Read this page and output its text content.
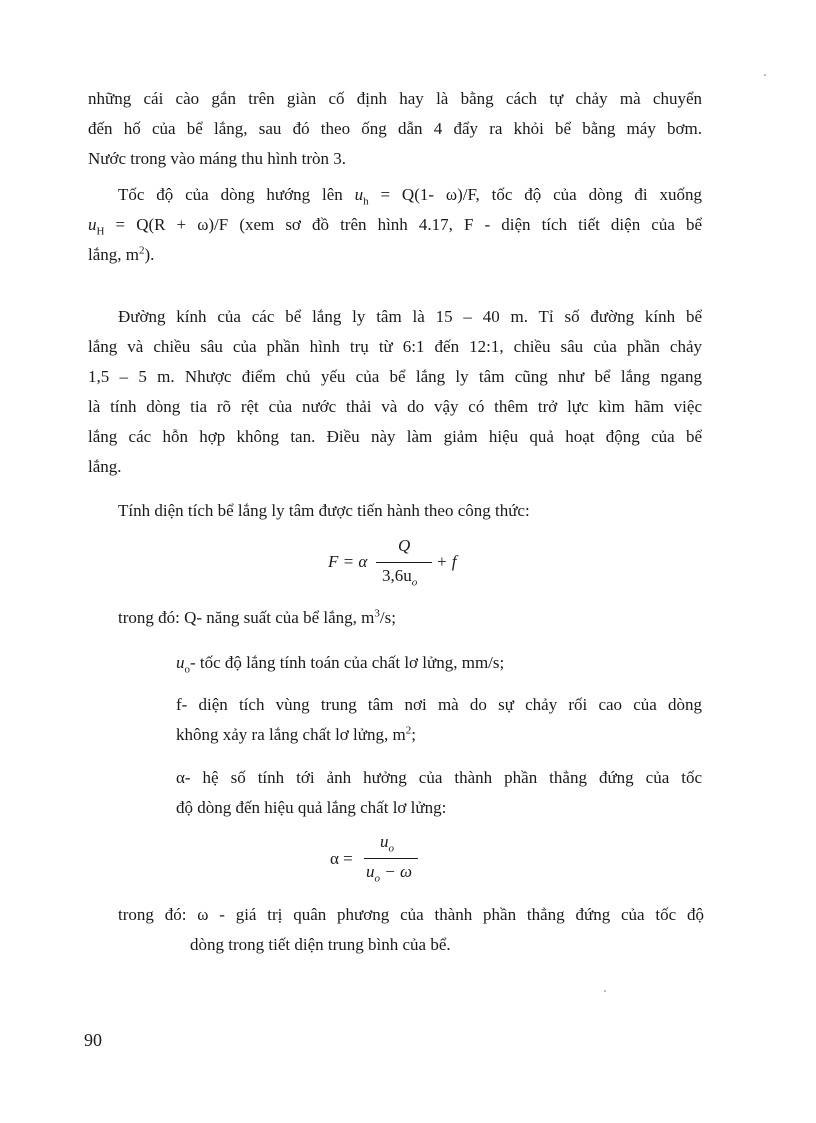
những cái cào gắn trên giàn cố định hay là bằng cách tự chảy mà chuyển
đến hố của bể lắng, sau đó theo ống dẫn 4 đẩy ra khỏi bể bằng máy bơm.
Nước trong vào máng thu hình tròn 3.
Tốc độ của dòng hướng lên $u_h = Q(1-$ ω)/F, tốc độ của dòng đi xuống
$u_H = Q(R + \omega)/F$ (xem sơ đồ trên hình 4.17, F - diện tích tiết diện của bể
lắng, $m^2$).
Đường kính của các bể lắng ly tâm là 15 – 40 m. Tỉ số đường kính bể
lắng và chiều sâu của phần hình trụ từ 6:1 đến 12:1, chiều sâu của phần chảy
1,5 – 5 m. Nhược điểm chủ yếu của bể lắng ly tâm cũng như bể lắng ngang
là tính dòng tia rõ rệt của nước thải và do vậy có thêm trở lực kìm hãm việc
lắng các hỗn hợp không tan. Điều này làm giảm hiệu quả hoạt động của bể
lắng.
Tính diện tích bể lắng ly tâm được tiến hành theo công thức:
F = α
Q
$3,6u_o$
+ f
trong đó: Q- năng suất của bể lắng, $m^3/s$;
$u_o-$ tốc độ lắng tính toán của chất lơ lửng, mm/s;
f- diện tích vùng trung tâm nơi mà do sự chảy rối cao của dòng
không xảy ra lắng chất lơ lửng, $m^2$;
α- hệ số tính tới ảnh hưởng của thành phần thẳng đứng của tốc
độ dòng đến hiệu quả lắng chất lơ lửng:
α =
$u_o$
$u_o - \omega$
trong đó: ω - giá trị quân phương của thành phần thẳng đứng của tốc độ
dòng trong tiết diện trung bình của bể.
90
